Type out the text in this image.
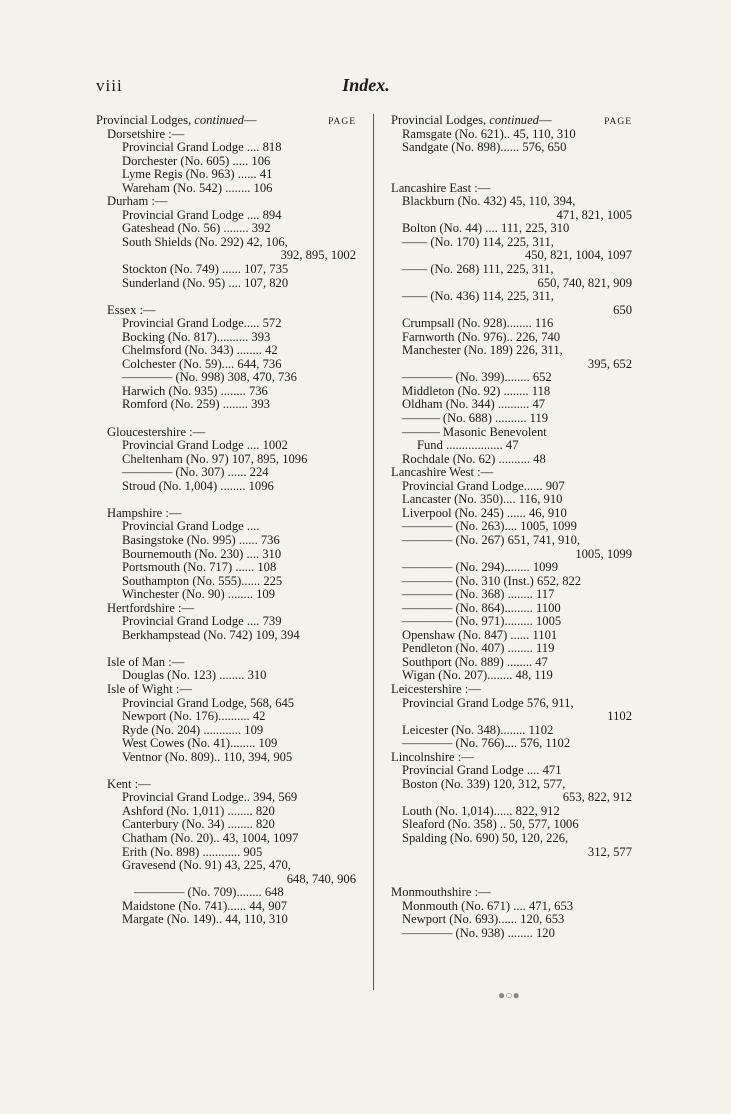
viii	Index.
PAGE
Provincial Lodges, continued—
Dorsetshire :—
Provincial Grand Lodge .... 818
Dorchester (No. 605) ..... 106
Lyme Regis (No. 963) ...... 41
Wareham (No. 542) ........ 106
Durham :—
Provincial Grand Lodge .... 894
Gateshead (No. 56) ........ 392
South Shields (No. 292) 42, 106,
392, 895, 1002
Stockton (No. 749) ...... 107, 735
Sunderland (No. 95) .... 107, 820
Essex :—
Provincial Grand Lodge..... 572
Bocking (No. 817).......... 393
Chelmsford (No. 343) ........ 42
Colchester (No. 59).... 644, 736
———— (No. 998) 308, 470, 736
Harwich (No. 935) ........ 736
Romford (No. 259) ........ 393
Gloucestershire :—
Provincial Grand Lodge .... 1002
Cheltenham (No. 97) 107, 895, 1096
———— (No. 307) ...... 224
Stroud (No. 1,004) ........ 1096
Hampshire :—
Provincial Grand Lodge ....
Basingstoke (No. 995) ...... 736
Bournemouth (No. 230) .... 310
Portsmouth (No. 717) ...... 108
Southampton (No. 555)...... 225
Winchester (No. 90) ........ 109
Hertfordshire :—
Provincial Grand Lodge .... 739
Berkhampstead (No. 742) 109, 394
Isle of Man :—
Douglas (No. 123) ........ 310
Isle of Wight :—
Provincial Grand Lodge, 568, 645
Newport (No. 176).......... 42
Ryde (No. 204) ............ 109
West Cowes (No. 41)........ 109
Ventnor (No. 809).. 110, 394, 905
Kent :—
Provincial Grand Lodge.. 394, 569
Ashford (No. 1,011) ........ 820
Canterbury (No. 34) ........ 820
Chatham (No. 20).. 43, 1004, 1097
Erith (No. 898) ............ 905
Gravesend (No. 91) 43, 225, 470,
648, 740, 906
———— (No. 709)........ 648
Maidstone (No. 741)...... 44, 907
Margate (No. 149).. 44, 110, 310
PAGE
Provincial Lodges, continued—
Ramsgate (No. 621).. 45, 110, 310
Sandgate (No. 898)...... 576, 650
Lancashire East :—
Blackburn (No. 432) 45, 110, 394,
471, 821, 1005
Bolton (No. 44) .... 111, 225, 310
—— (No. 170) 114, 225, 311,
450, 821, 1004, 1097
—— (No. 268) 111, 225, 311,
650, 740, 821, 909
—— (No. 436) 114, 225, 311,
650
Crumpsall (No. 928)........ 116
Farnworth (No. 976).. 226, 740
Manchester (No. 189) 226, 311,
395, 652
———— (No. 399)........ 652
Middleton (No. 92) ........ 118
Oldham (No. 344) .......... 47
——— (No. 688) .......... 119
——— Masonic Benevolent
Fund .................. 47
Rochdale (No. 62) .......... 48
Lancashire West :—
Provincial Grand Lodge...... 907
Lancaster (No. 350).... 116, 910
Liverpool (No. 245) ...... 46, 910
———— (No. 263).... 1005, 1099
———— (No. 267) 651, 741, 910,
1005, 1099
———— (No. 294)........ 1099
———— (No. 310 (Inst.) 652, 822
———— (No. 368) ........ 117
———— (No. 864)......... 1100
———— (No. 971)......... 1005
Openshaw (No. 847) ...... 1101
Pendleton (No. 407) ........ 119
Southport (No. 889) ........ 47
Wigan (No. 207)........ 48, 119
Leicestershire :—
Provincial Grand Lodge 576, 911,
1102
Leicester (No. 348)........ 1102
———— (No. 766).... 576, 1102
Lincolnshire :—
Provincial Grand Lodge .... 471
Boston (No. 339) 120, 312, 577,
653, 822, 912
Louth (No. 1,014)...... 822, 912
Sleaford (No. 358) .. 50, 577, 1006
Spalding (No. 690) 50, 120, 226,
312, 577
Monmouthshire :—
Monmouth (No. 671) .... 471, 653
Newport (No. 693)...... 120, 653
———— (No. 938) ........ 120
●○●
